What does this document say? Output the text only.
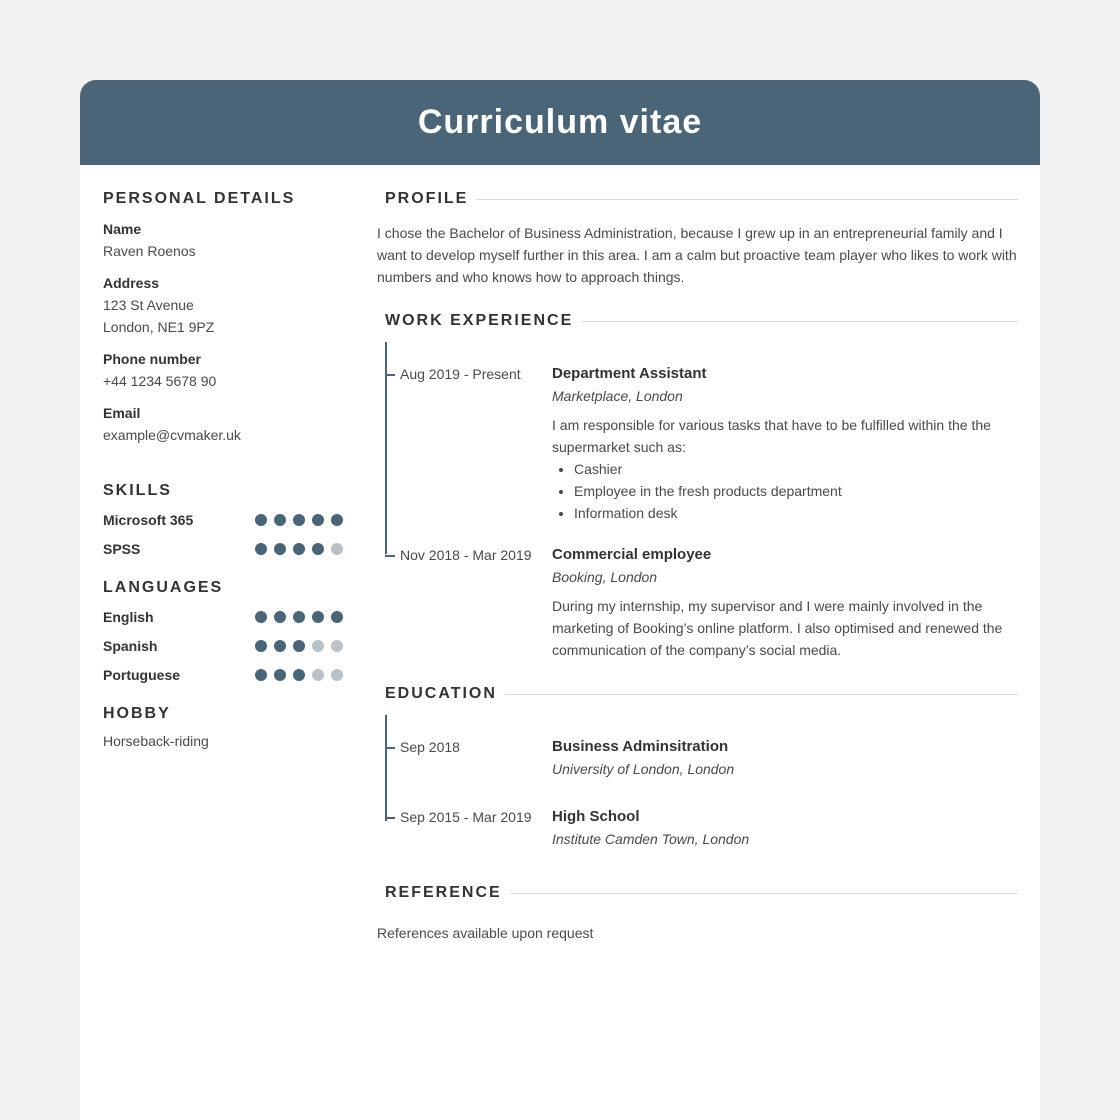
Curriculum vitae
PERSONAL DETAILS
Name
Raven Roenos
Address
123 St Avenue
London, NE1 9PZ
Phone number
+44 1234 5678 90
Email
example@cvmaker.uk
SKILLS
Microsoft 365
SPSS
LANGUAGES
English
Spanish
Portuguese
HOBBY
Horseback-riding
PROFILE

I chose the Bachelor of Business Administration, because I grew up in an entrepreneurial family and I want to develop myself further in this area. I am a calm but proactive team player who likes to work with numbers and who knows how to approach things.

WORK EXPERIENCE
Aug 2019 - Present	Department Assistant
Marketplace, London
I am responsible for various tasks that have to be fulfilled within the the supermarket such as:
• Cashier
• Employee in the fresh products department
• Information desk
Nov 2018 - Mar 2019	Commercial employee
Booking, London
During my internship, my supervisor and I were mainly involved in the marketing of Booking’s online platform. I also optimised and renewed the communication of the company’s social media.
EDUCATION
Sep 2018	Business Adminsitration
University of London, London
Sep 2015 - Mar 2019	High School
Institute Camden Town, London
REFERENCE

References available upon request
